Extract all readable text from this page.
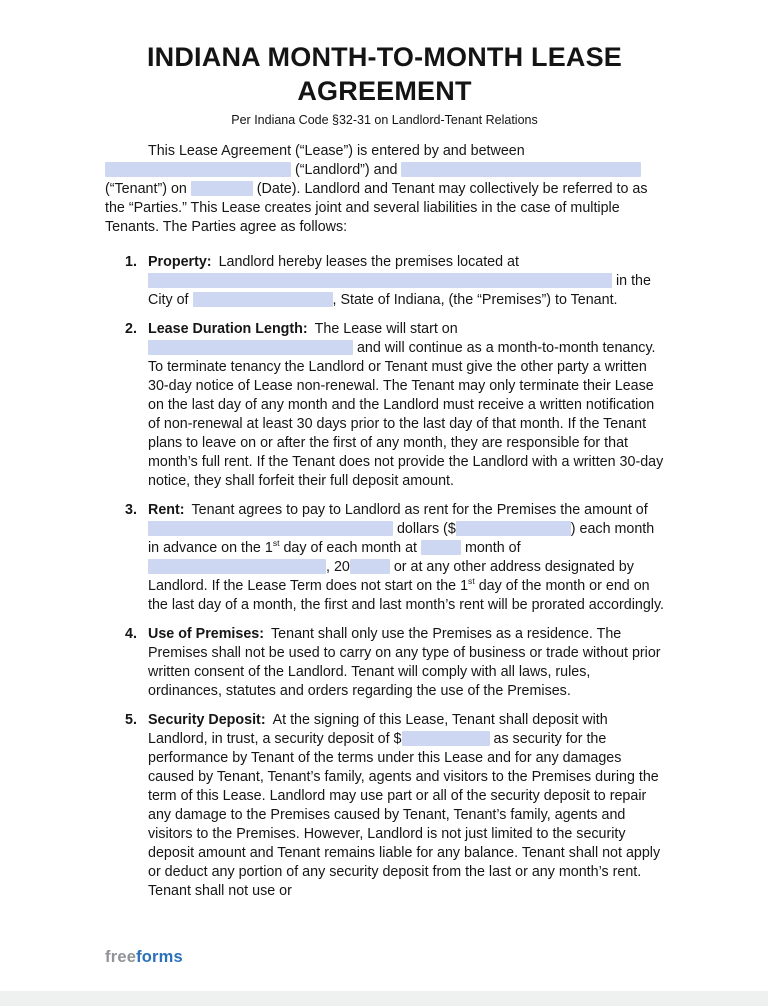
INDIANA MONTH-TO-MONTH LEASE
AGREEMENT
Per Indiana Code §32-31 on Landlord-Tenant Relations

This Lease Agreement (“Lease”) is entered by and between  (“Landlord”) and  (“Tenant”) on	(Date). Landlord and Tenant may collectively be referred to as the “Parties.” This Lease creates joint and several liabilities in the case of multiple Tenants. The Parties agree as follows:

1. Property: Landlord hereby leases the premises located at  in the City of	, State of Indiana, (the “Premises”) to Tenant.

2. Lease Duration Length: The Lease will start on  and will continue as a month-to-month tenancy. To terminate tenancy the Landlord or Tenant must give the other party a written 30-day notice of Lease non-renewal. The Tenant may only terminate their Lease on the last day of any month and the Landlord must receive a written notification of non-renewal at least 30 days prior to the last day of that month. If the Tenant plans to leave on or after the first of any month, they are responsible for that month’s full rent. If the Tenant does not provide the Landlord with a written 30-day notice, they shall forfeit their full deposit amount.

3. Rent: Tenant agrees to pay to Landlord as rent for the Premises the amount of  dollars ($	) each month in advance on the 1st day of each month at	month of , 20	or at any other address designated by Landlord. If the Lease Term does not start on the 1st day of the month or end on the last day of a month, the first and last month’s rent will be prorated accordingly.

4. Use of Premises: Tenant shall only use the Premises as a residence. The Premises shall not be used to carry on any type of business or trade without prior written consent of the Landlord. Tenant will comply with all laws, rules, ordinances, statutes and orders regarding the use of the Premises.

5. Security Deposit: At the signing of this Lease, Tenant shall deposit with Landlord, in trust, a security deposit of $	as security for the performance by Tenant of the terms under this Lease and for any damages caused by Tenant, Tenant’s family, agents and visitors to the Premises during the term of this Lease. Landlord may use part or all of the security deposit to repair any damage to the Premises caused by Tenant, Tenant’s family, agents and visitors to the Premises. However, Landlord is not just limited to the security deposit amount and Tenant remains liable for any balance. Tenant shall not apply or deduct any portion of any security deposit from the last or any month’s rent. Tenant shall not use or

freeforms
